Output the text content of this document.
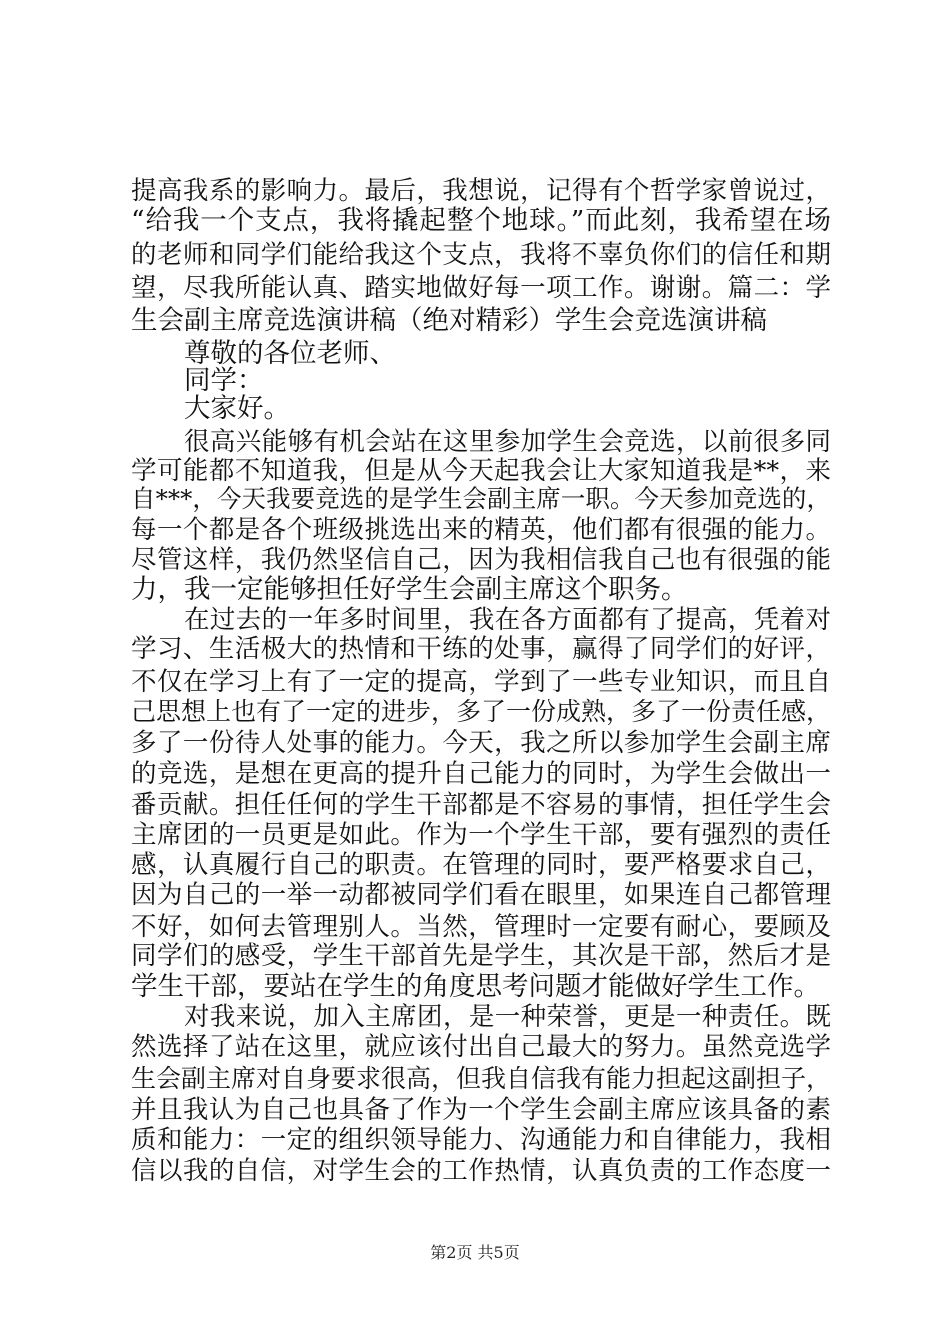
提高我系的影响力。最后，我想说，记得有个哲学家曾说过，
“给我一个支点，我将撬起整个地球。”而此刻，我希望在场
的老师和同学们能给我这个支点，我将不辜负你们的信任和期
望，尽我所能认真、踏实地做好每一项工作。谢谢。篇二：学
生会副主席竞选演讲稿（绝对精彩）学生会竞选演讲稿
尊敬的各位老师、
同学：
大家好。
很高兴能够有机会站在这里参加学生会竞选，以前很多同
学可能都不知道我，但是从今天起我会让大家知道我是**，来
自***，今天我要竞选的是学生会副主席一职。今天参加竞选的，
每一个都是各个班级挑选出来的精英，他们都有很强的能力。
尽管这样，我仍然坚信自己，因为我相信我自己也有很强的能
力，我一定能够担任好学生会副主席这个职务。
在过去的一年多时间里，我在各方面都有了提高，凭着对
学习、生活极大的热情和干练的处事，赢得了同学们的好评，
不仅在学习上有了一定的提高，学到了一些专业知识，而且自
己思想上也有了一定的进步，多了一份成熟，多了一份责任感，
多了一份待人处事的能力。今天，我之所以参加学生会副主席
的竞选，是想在更高的提升自己能力的同时，为学生会做出一
番贡献。担任任何的学生干部都是不容易的事情，担任学生会
主席团的一员更是如此。作为一个学生干部，要有强烈的责任
感，认真履行自己的职责。在管理的同时，要严格要求自己，
因为自己的一举一动都被同学们看在眼里，如果连自己都管理
不好，如何去管理别人。当然，管理时一定要有耐心，要顾及
同学们的感受，学生干部首先是学生，其次是干部，然后才是
学生干部，要站在学生的角度思考问题才能做好学生工作。
对我来说，加入主席团，是一种荣誉，更是一种责任。既
然选择了站在这里，就应该付出自己最大的努力。虽然竞选学
生会副主席对自身要求很高，但我自信我有能力担起这副担子，
并且我认为自己也具备了作为一个学生会副主席应该具备的素
质和能力：一定的组织领导能力、沟通能力和自律能力，我相
信以我的自信，对学生会的工作热情，认真负责的工作态度一
第2页 共5页
